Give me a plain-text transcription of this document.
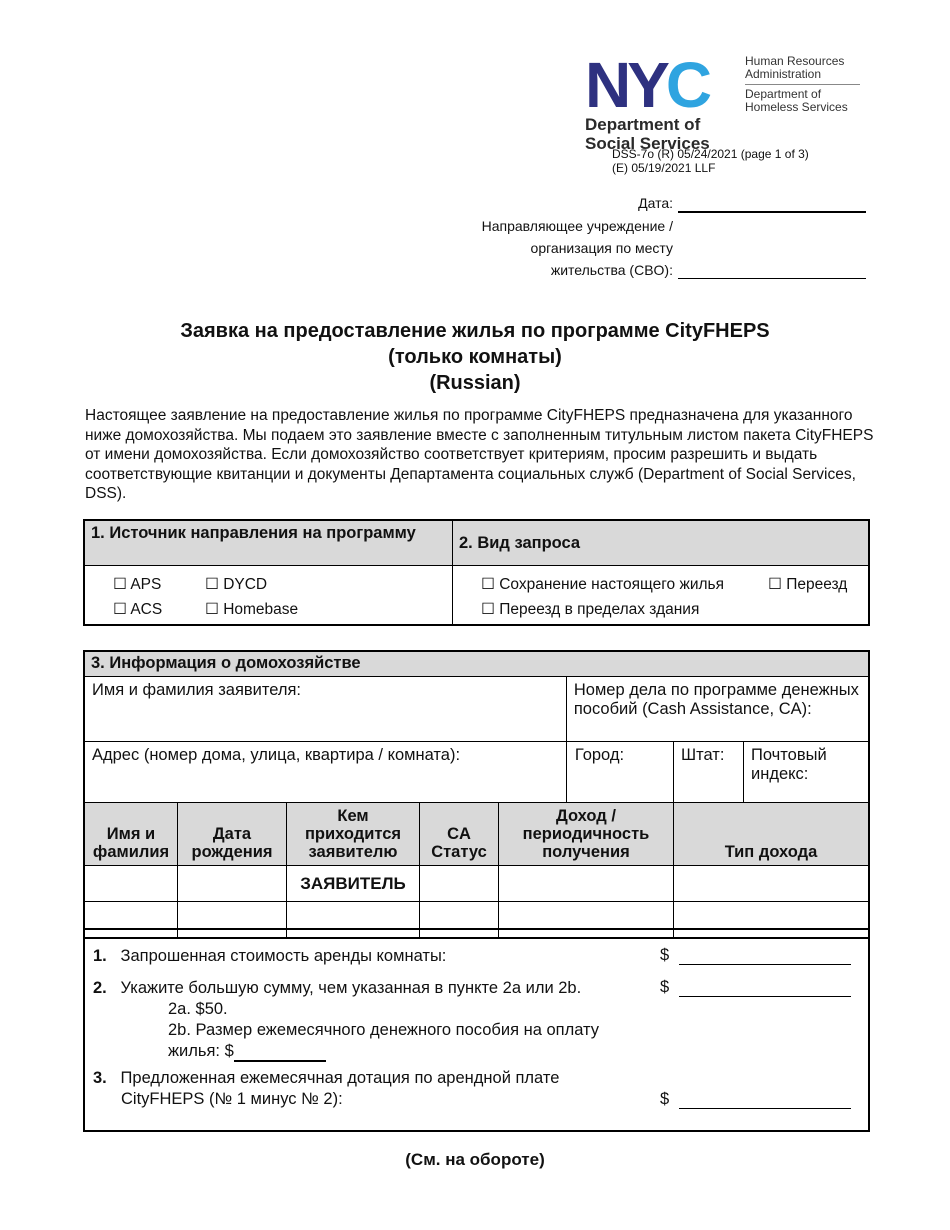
NYC	Human Resources Administration
Department of Homeless Services
Department of
Social Services
DSS-7o (R) 05/24/2021 (page 1 of 3)
(E) 05/19/2021 LLF
Дата:
Направляющее учреждение /
организация по месту
жительства (CBO):
Заявка на предоставление жилья по программе CityFHEPS
(только комнаты)
(Russian)
Настоящее заявление на предоставление жилья по программе CityFHEPS предназначена для указанного ниже домохозяйства. Мы подаем это заявление вместе с заполненным титульным листом пакета CityFHEPS от имени домохозяйства. Если домохозяйство соответствует критериям, просим разрешить и выдать соответствующие квитанции и документы Департамента социальных служб (Department of Social Services, DSS).
1. Источник направления на программу	2. Вид запроса
☐ APS ☐ DYCD
☐ ACS ☐ Homebase	☐ Сохранение настоящего жилья ☐ Переезд
☐ Переезд в пределах здания
3. Информация о домохозяйстве							
Имя и фамилия заявителя:					Номер дела по программе денежных пособий (Cash Assistance, CA):		
Адрес (номер дома, улица, квартира / комната):					Город:	Штат:	Почтовый индекс:
Имя и фамилия	Дата рождения	Кем приходится заявителю	CA Статус	Доход / периодичность получения		Тип дохода	
		ЗАЯВИТЕЛЬ					

1. Запрошенная стоимость аренды комнаты:	$
2. Укажите большую сумму, чем указанная в пункте 2a или 2b.	$
2a. $50.
2b. Размер ежемесячного денежного пособия на оплату
жилья: $
3. Предложенная ежемесячная дотация по арендной плате
CityFHEPS (№ 1 минус № 2):	$
(См. на обороте)
